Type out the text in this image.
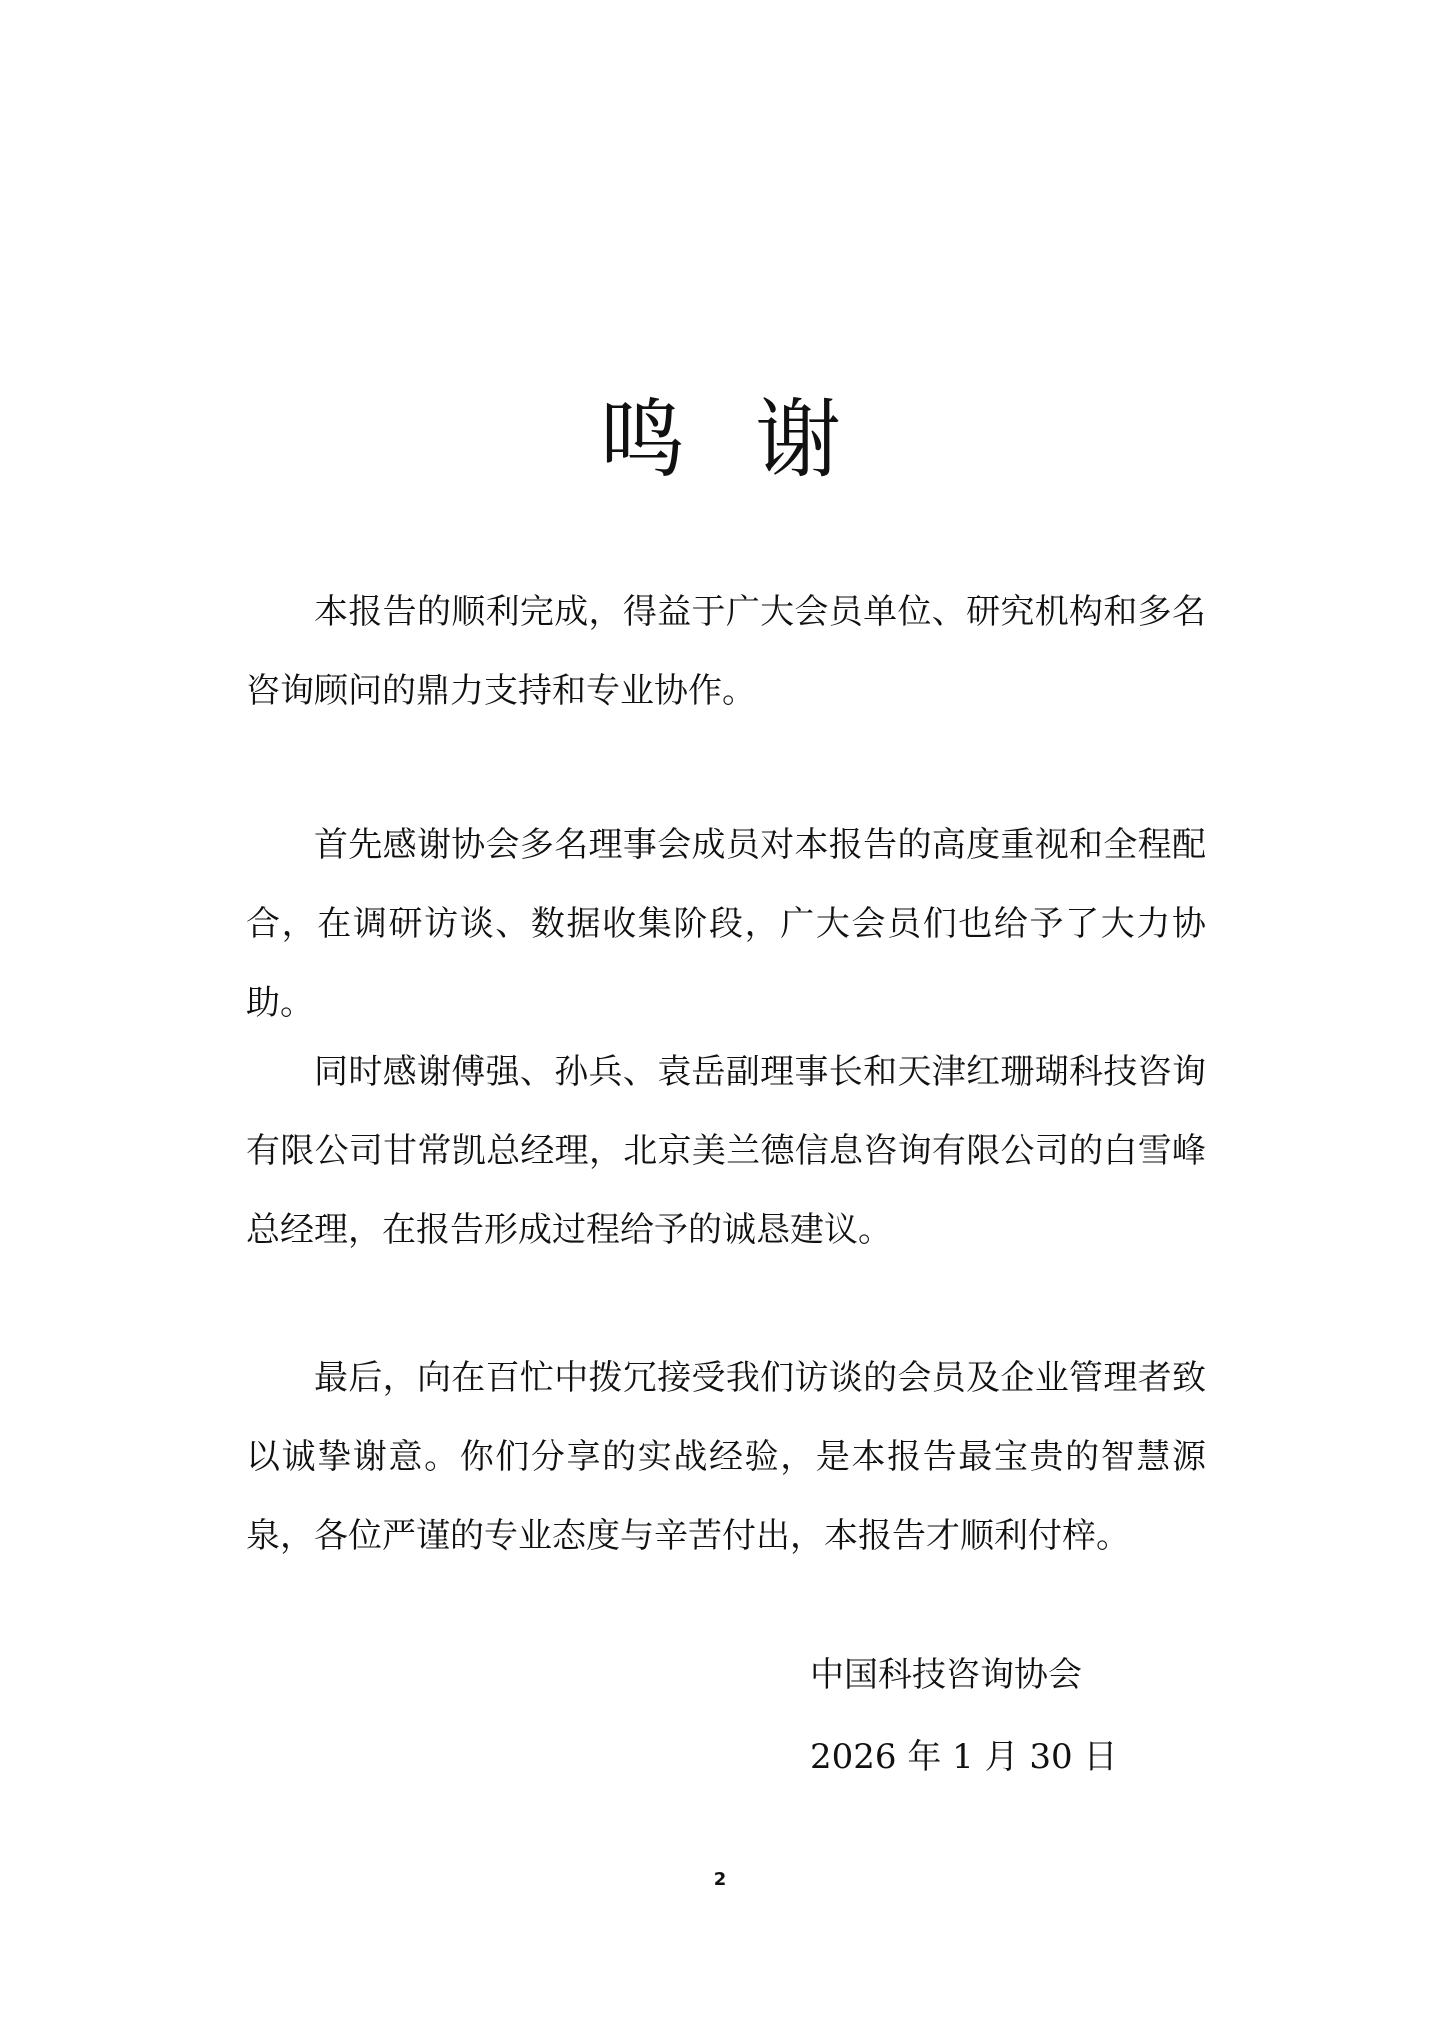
鸣谢

本报告的顺利完成，得益于广大会员单位、研究机构和多名咨询顾问的鼎力支持和专业协作。

首先感谢协会多名理事会成员对本报告的高度重视和全程配合，在调研访谈、数据收集阶段，广大会员们也给予了大力协助。

同时感谢傅强、孙兵、袁岳副理事长和天津红珊瑚科技咨询有限公司甘常凯总经理，北京美兰德信息咨询有限公司的白雪峰总经理，在报告形成过程给予的诚恳建议。

最后，向在百忙中拨冗接受我们访谈的会员及企业管理者致以诚挚谢意。你们分享的实战经验，是本报告最宝贵的智慧源泉，各位严谨的专业态度与辛苦付出，本报告才顺利付梓。

中国科技咨询协会

2026 年 1 月 30 日

2
